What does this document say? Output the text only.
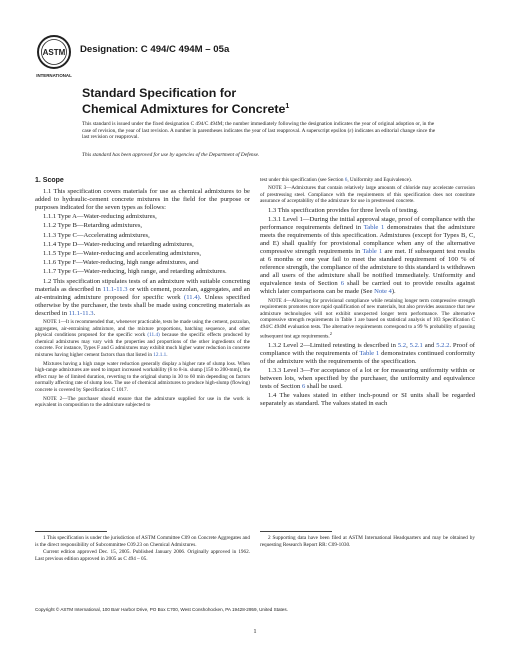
ASTM
INTERNATIONAL
Designation: C 494/C 494M – 05a
Standard Specification for
Chemical Admixtures for Concrete$^1$
This standard is issued under the fixed designation C 494/C 494M; the number immediately following the designation indicates the year of original adoption or, in the case of revision, the year of last revision. A number in parentheses indicates the year of last reapproval. A superscript epsilon (ε) indicates an editorial change since the last revision or reapproval.
This standard has been approved for use by agencies of the Department of Defense.

1. Scope

1.1 This specification covers materials for use as chemical admixtures to be added to hydraulic-cement concrete mixtures in the field for the purpose or purposes indicated for the seven types as follows:

1.1.1 Type A—Water-reducing admixtures,

1.1.2 Type B—Retarding admixtures,

1.1.3 Type C—Accelerating admixtures,

1.1.4 Type D—Water-reducing and retarding admixtures,

1.1.5 Type E—Water-reducing and accelerating admixtures,

1.1.6 Type F—Water-reducing, high range admixtures, and

1.1.7 Type G—Water-reducing, high range, and retarding admixtures.

1.2 This specification stipulates tests of an admixture with suitable concreting materials as described in 11.1-11.3 or with cement, pozzolan, aggregates, and an air-entraining admixture proposed for specific work (11.4). Unless specified otherwise by the purchaser, the tests shall be made using concreting materials as described in 11.1-11.3.

NOTE 1—It is recommended that, whenever practicable, tests be made using the cement, pozzolan, aggregates, air-entraining admixture, and the mixture proportions, batching sequence, and other physical conditions proposed for the specific work (11.4) because the specific effects produced by chemical admixtures may vary with the properties and proportions of the other ingredients of the concrete. For instance, Types F and G admixtures may exhibit much higher water reduction in concrete mixtures having higher cement factors than that listed in 12.1.1.

Mixtures having a high range water reduction generally display a higher rate of slump loss. When high-range admixtures are used to impart increased workability (6 to 8-in. slump [150 to 200-mm]), the effect may be of limited duration, reverting to the original slump in 30 to 60 min depending on factors normally affecting rate of slump loss. The use of chemical admixtures to produce high-slump (flowing) concrete is covered by Specification C 1017.

NOTE 2—The purchaser should ensure that the admixture supplied for use in the work is equivalent in composition to the admixture subjected to

test under this specification (see Section 6, Uniformity and Equivalence).

NOTE 3—Admixtures that contain relatively large amounts of chloride may accelerate corrosion of prestressing steel. Compliance with the requirements of this specification does not constitute assurance of acceptability of the admixture for use in prestressed concrete.

1.3 This specification provides for three levels of testing.

1.3.1 Level 1—During the initial approval stage, proof of compliance with the performance requirements defined in Table 1 demonstrates that the admixture meets the requirements of this specification. Admixtures (except for Types B, C, and E) shall qualify for provisional compliance when any of the alternative compressive strength requirements in Table 1 are met. If subsequent test results at 6 months or one year fail to meet the standard requirement of 100 % of reference strength, the compliance of the admixture to this standard is withdrawn and all users of the admixture shall be notified immediately. Uniformity and equivalence tests of Section 6 shall be carried out to provide results against which later comparisons can be made (See Note 4).

NOTE 4—Allowing for provisional compliance while retaining longer term compressive strength requirements promotes more rapid qualification of new materials, but also provides assurance that new admixture technologies will not exhibit unexpected longer term performance. The alternative compressive strength requirements in Table 1 are based on statistical analysis of 103 Specification C 494/C 494M evaluation tests. The alternative requirements correspond to a 99 % probability of passing subsequent test age requirements.$^2$

1.3.2 Level 2—Limited retesting is described in 5.2, 5.2.1 and 5.2.2. Proof of compliance with the requirements of Table 1 demonstrates continued conformity of the admixture with the requirements of the specification.

1.3.3 Level 3—For acceptance of a lot or for measuring uniformity within or between lots, when specified by the purchaser, the uniformity and equivalence tests of Section 6 shall be used.

1.4 The values stated in either inch-pound or SI units shall be regarded separately as standard. The values stated in each

1 This specification is under the jurisdiction of ASTM Committee C09 on Concrete Aggregates and is the direct responsibility of Subcommittee C09.23 on Chemical Admixtures.

Current edition approved Dec. 15, 2005. Published January 2006. Originally approved in 1962. Last previous edition approved in 2005 as C 494 – 05.

2 Supporting data have been filed at ASTM International Headquarters and may be obtained by requesting Research Report RR: C09-1030.

Copyright © ASTM International, 100 Barr Harbor Drive, PO Box C700, West Conshohocken, PA 19428-2959, United States.
1
